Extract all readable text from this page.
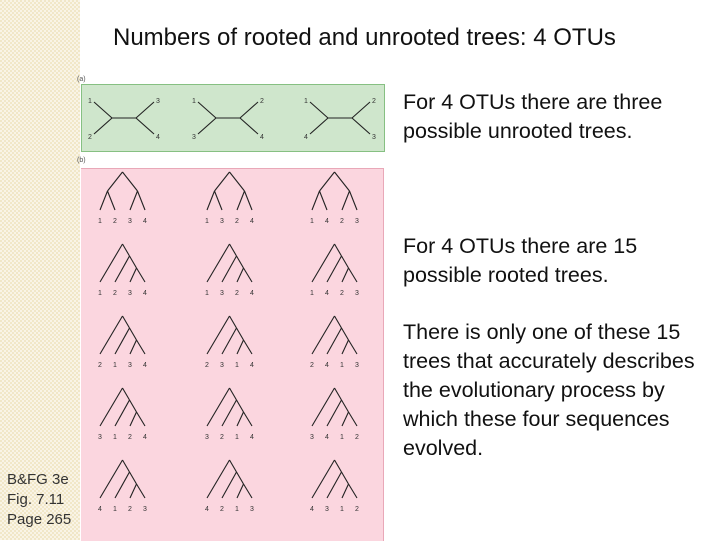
Numbers of rooted and unrooted trees: 4 OTUs
(a)
(b)
1
2
3
4
1
3
2
4
1
4
2
3
1 2 3 4	1 3 2 4	1 4 2 3
1 2 3 4	1 3 2 4	1 4 2 3
2 1 3 4	2 3 1 4	2 4 1 3
3 1 2 4	3 2 1 4	3 4 1 2
4 1 2 3	4 2 1 3	4 3 1 2
For 4 OTUs there are three possible unrooted trees.
For 4 OTUs there are 15 possible rooted trees.
There is only one of these 15 trees that accurately describes the evolutionary process by which these four sequences evolved.
B&FG 3e
Fig. 7.11
Page 265
